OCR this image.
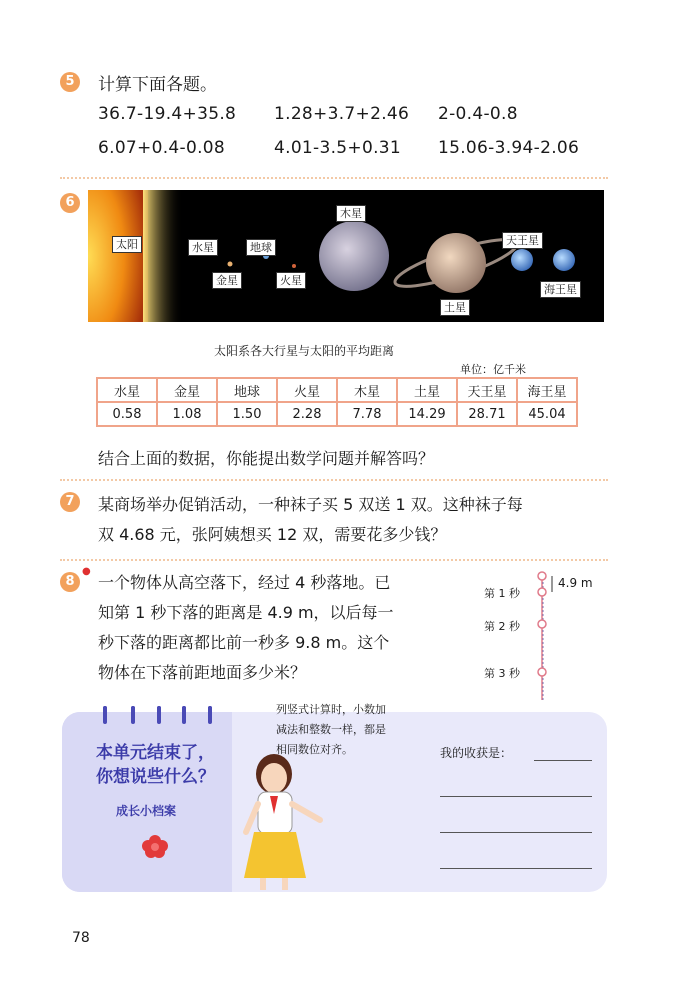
5	计算下面各题。
36.7-19.4+35.8 1.28+3.7+2.46 2-0.4-0.8
6.07+0.4-0.08	4.01-3.5+0.31 15.06-3.94-2.06
6
太阳	水星
金星
地球
火星
木星
土星
天王星
海王星
太阳系各大行星与太阳的平均距离
单位：亿千米
水星	金星	地球	火星	木星	土星	天王星	海王星
0.58	1.08	1.50	2.28	7.78	14.29	28.71	45.04
结合上面的数据，你能提出数学问题并解答吗？
7	某商场举办促销活动，一种袜子买 5 双送 1 双。这种袜子每
双 4.68 元，张阿姨想买 12 双，需要花多少钱？
8
●
一个物体从高空落下，经过 4 秒落地。已
知第 1 秒下落的距离是 4.9 m，以后每一
秒下落的距离都比前一秒多 9.8 m。这个
物体在下落前距地面多少米？
第 1 秒
第 2 秒
第 3 秒
4.9 m
本单元结束了，
你想说些什么？
成长小档案
列竖式计算时，小数加
减法和整数一样，都是
相同数位对齐。	我的收获是：
78
